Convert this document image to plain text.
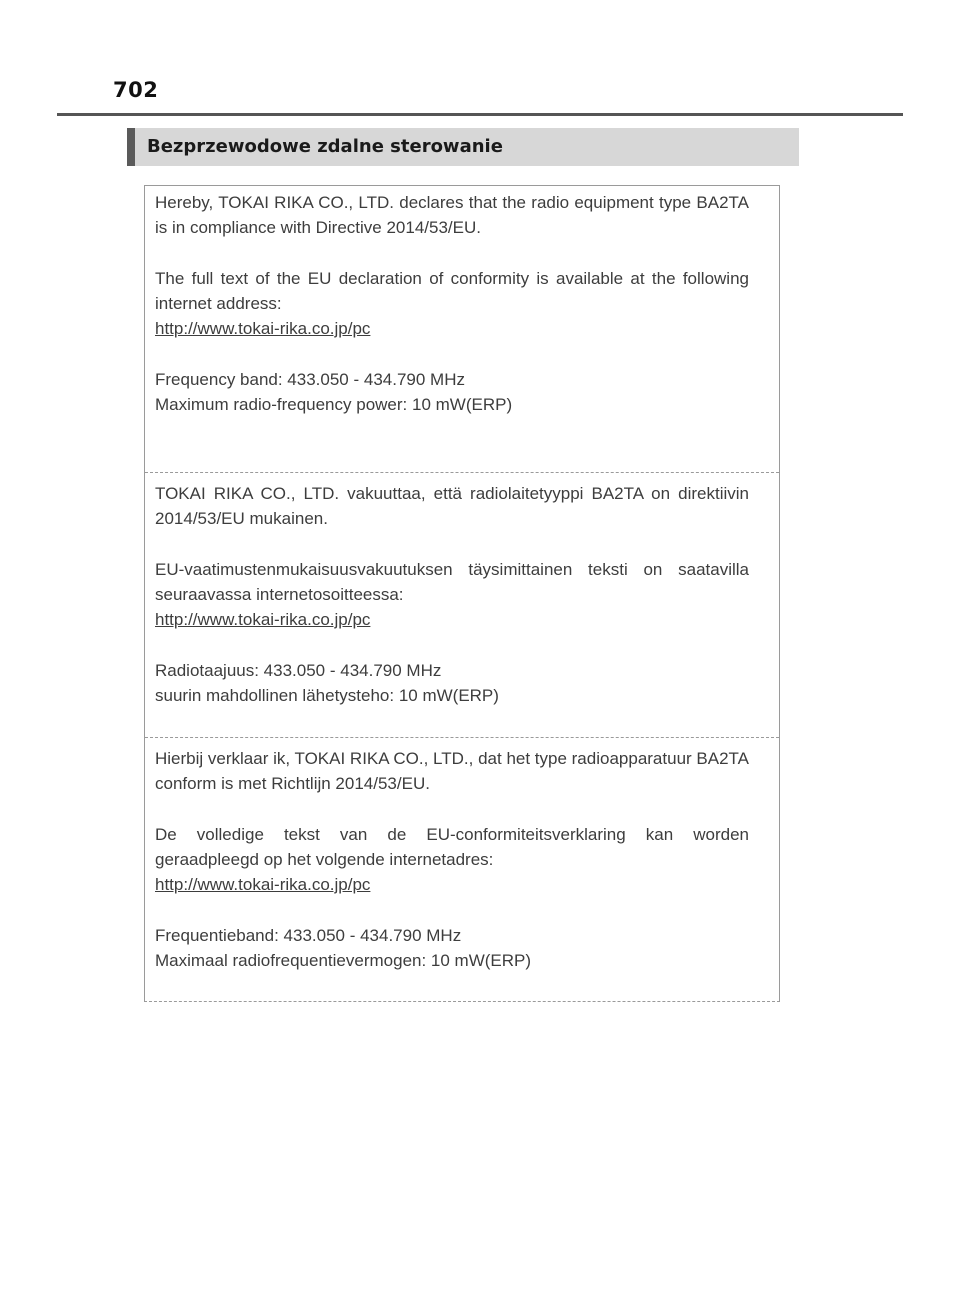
702
Bezprzewodowe zdalne sterowanie

Hereby, TOKAI RIKA CO., LTD. declares that the radio equipment type BA2TA is in compliance with Directive 2014/53/EU.

The full text of the EU declaration of conformity is available at the following internet address:

http://www.tokai-rika.co.jp/pc

Frequency band: 433.050 - 434.790 MHz

Maximum radio-frequency power: 10 mW(ERP)

TOKAI RIKA CO., LTD. vakuuttaa, että radiolaitetyyppi BA2TA on direktiivin 2014/53/EU mukainen.

EU-vaatimustenmukaisuusvakuutuksen täysimittainen teksti on saatavilla seuraavassa internetosoitteessa:

http://www.tokai-rika.co.jp/pc

Radiotaajuus: 433.050 - 434.790 MHz

suurin mahdollinen lähetysteho: 10 mW(ERP)

Hierbij verklaar ik, TOKAI RIKA CO., LTD., dat het type radioapparatuur BA2TA conform is met Richtlijn 2014/53/EU.

De volledige tekst van de EU-conformiteitsverklaring kan worden geraadpleegd op het volgende internetadres:

http://www.tokai-rika.co.jp/pc

Frequentieband: 433.050 - 434.790 MHz

Maximaal radiofrequentievermogen: 10 mW(ERP)
